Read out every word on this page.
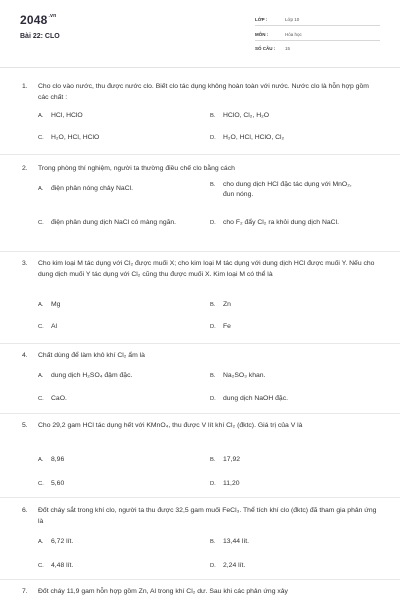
$2048^{.vn}$
Bài 22: CLO
LỚP :	Lớp 10
MÔN :	Hóa học
SỐ CÂU : 15
1. Cho clo vào nước, thu được nước clo. Biết clo tác dụng không hoàn toàn với nước. Nước clo là hỗn hợp gồm các chất :
A. HCl, HClO	B. HClO, Cl₂, H₂O
C. H₂O, HCl, HClO	D. H₂O, HCl, HClO, Cl₂
2. Trong phòng thí nghiệm, người ta thường điều chế clo bằng cách
A. điện phân nóng chảy NaCl.	B. cho dung dịch HCl đặc tác dụng với MnO₂, đun nóng.
C. điện phân dung dịch NaCl có màng ngăn.	D. cho F₂ đẩy Cl₂ ra khỏi dung dịch NaCl.
3. Cho kim loại M tác dụng với Cl₂ được muối X; cho kim loại M tác dụng với dung dịch HCl được muối Y. Nếu cho dung dịch muối Y tác dụng với Cl₂ cũng thu được muối X. Kim loại M có thể là
A. Mg	B. Zn
C. Al	D. Fe
4. Chất dùng để làm khô khí Cl₂ ẩm là
A. dung dịch H₂SO₄ đậm đặc.	B. Na₂SO₃ khan.
C. CaO.	D. dung dịch NaOH đặc.
5. Cho 29,2 gam HCl tác dụng hết với KMnO₄, thu được V lít khí Cl₂ (đktc). Giá trị của V là
A. 8,96	B. 17,92
C. 5,60	D. 11,20
6. Đốt cháy sắt trong khí clo, người ta thu được 32,5 gam muối FeCl₃. Thể tích khí clo (đktc) đã tham gia phản ứng là
A. 6,72 lít.	B. 13,44 lít.
C. 4,48 lít.	D. 2,24 lít.
7. Đốt cháy 11,9 gam hỗn hợp gồm Zn, Al trong khí Cl₂ dư. Sau khi các phản ứng xảy
